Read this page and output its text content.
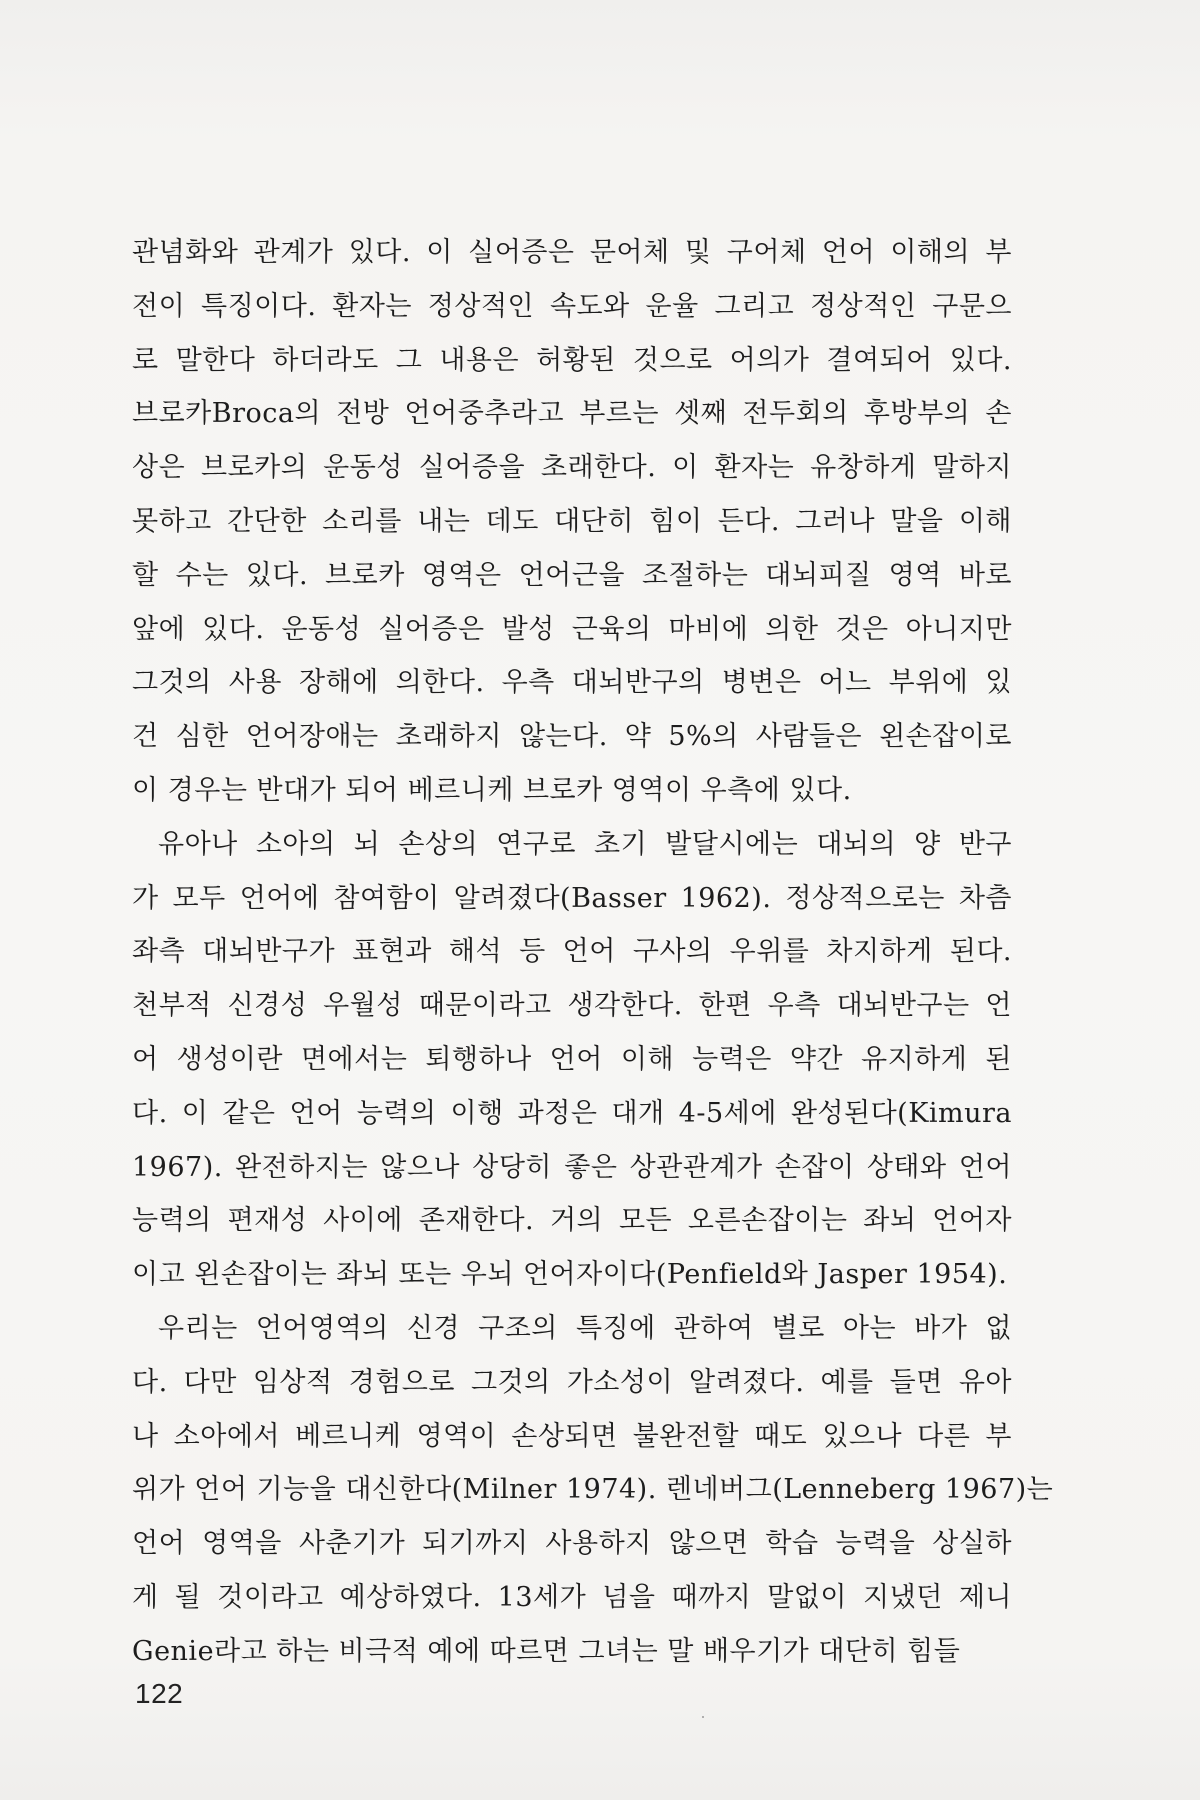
관념화와 관계가 있다. 이 실어증은 문어체 및 구어체 언어 이해의 부
전이 특징이다. 환자는 정상적인 속도와 운율 그리고 정상적인 구문으
로 말한다 하더라도 그 내용은 허황된 것으로 어의가 결여되어 있다.
브로카Broca의 전방 언어중추라고 부르는 셋째 전두회의 후방부의 손
상은 브로카의 운동성 실어증을 초래한다. 이 환자는 유창하게 말하지
못하고 간단한 소리를 내는 데도 대단히 힘이 든다. 그러나 말을 이해
할 수는 있다. 브로카 영역은 언어근을 조절하는 대뇌피질 영역 바로
앞에 있다. 운동성 실어증은 발성 근육의 마비에 의한 것은 아니지만
그것의 사용 장해에 의한다. 우측 대뇌반구의 병변은 어느 부위에 있
건 심한 언어장애는 초래하지 않는다. 약 5%의 사람들은 왼손잡이로
이 경우는 반대가 되어 베르니케 브로카 영역이 우측에 있다.
유아나 소아의 뇌 손상의 연구로 초기 발달시에는 대뇌의 양 반구
가 모두 언어에 참여함이 알려졌다(Basser 1962). 정상적으로는 차츰
좌측 대뇌반구가 표현과 해석 등 언어 구사의 우위를 차지하게 된다.
천부적 신경성 우월성 때문이라고 생각한다. 한편 우측 대뇌반구는 언
어 생성이란 면에서는 퇴행하나 언어 이해 능력은 약간 유지하게 된
다. 이 같은 언어 능력의 이행 과정은 대개 4-5세에 완성된다(Kimura
1967). 완전하지는 않으나 상당히 좋은 상관관계가 손잡이 상태와 언어
능력의 편재성 사이에 존재한다. 거의 모든 오른손잡이는 좌뇌 언어자
이고 왼손잡이는 좌뇌 또는 우뇌 언어자이다(Penfield와 Jasper 1954).
우리는 언어영역의 신경 구조의 특징에 관하여 별로 아는 바가 없
다. 다만 임상적 경험으로 그것의 가소성이 알려졌다. 예를 들면 유아
나 소아에서 베르니케 영역이 손상되면 불완전할 때도 있으나 다른 부
위가 언어 기능을 대신한다(Milner 1974). 렌네버그(Lenneberg 1967)는
언어 영역을 사춘기가 되기까지 사용하지 않으면 학습 능력을 상실하
게 될 것이라고 예상하였다. 13세가 넘을 때까지 말없이 지냈던 제니
Genie라고 하는 비극적 예에 따르면 그녀는 말 배우기가 대단히 힘들
122
